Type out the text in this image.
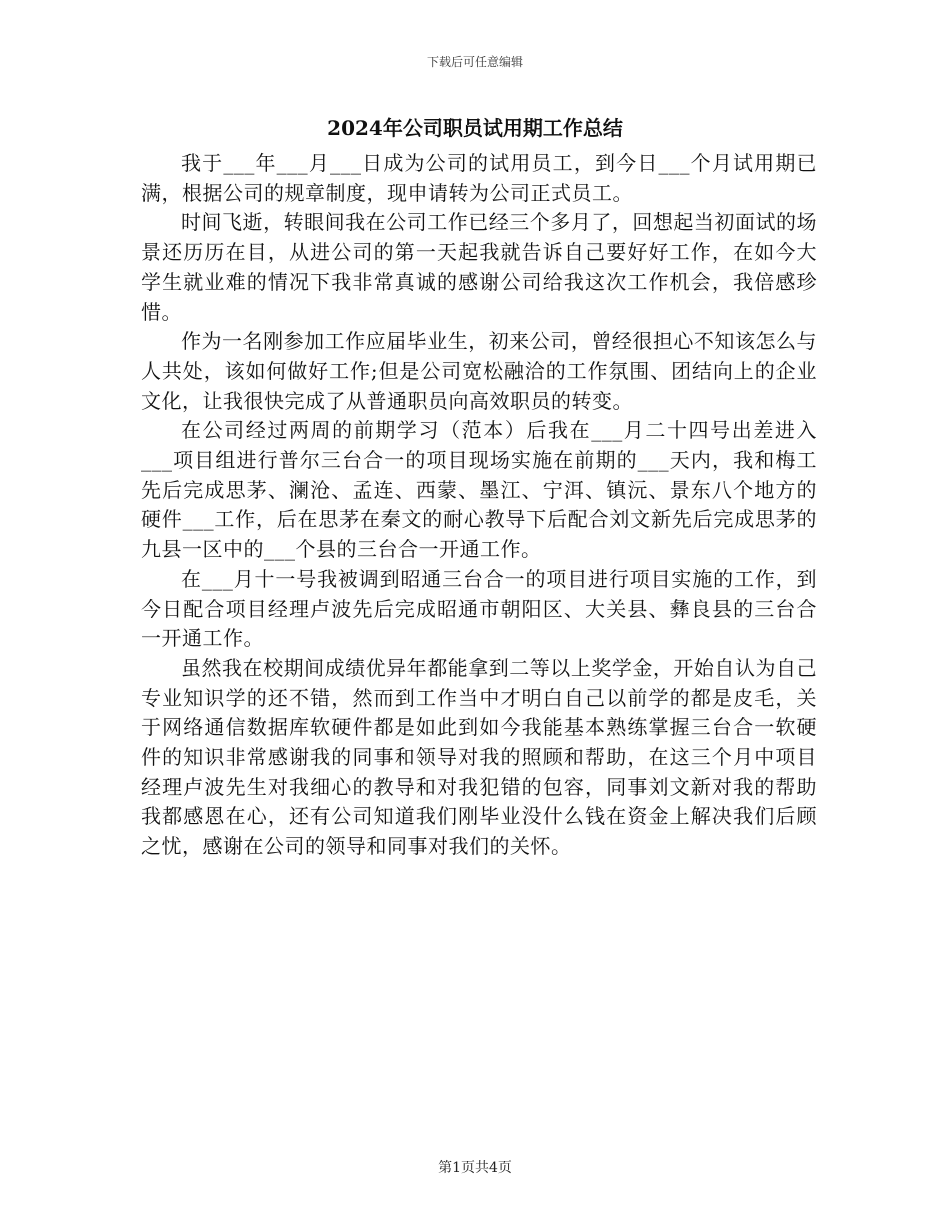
下载后可任意编辑
2024年公司职员试用期工作总结

我于___年___月___日成为公司的试用员工，到今日___个月试用期已满，根据公司的规章制度，现申请转为公司正式员工。

时间飞逝，转眼间我在公司工作已经三个多月了，回想起当初面试的场景还历历在目，从进公司的第一天起我就告诉自己要好好工作，在如今大学生就业难的情况下我非常真诚的感谢公司给我这次工作机会，我倍感珍惜。

作为一名刚参加工作应届毕业生，初来公司，曾经很担心不知该怎么与人共处，该如何做好工作;但是公司宽松融洽的工作氛围、团结向上的企业文化，让我很快完成了从普通职员向高效职员的转变。

在公司经过两周的前期学习（范本）后我在___月二十四号出差进入___项目组进行普尔三台合一的项目现场实施在前期的___天内，我和梅工先后完成思茅、澜沧、孟连、西蒙、墨江、宁洱、镇沅、景东八个地方的硬件___工作，后在思茅在秦文的耐心教导下后配合刘文新先后完成思茅的九县一区中的___个县的三台合一开通工作。

在___月十一号我被调到昭通三台合一的项目进行项目实施的工作，到今日配合项目经理卢波先后完成昭通市朝阳区、大关县、彝良县的三台合一开通工作。

虽然我在校期间成绩优异年都能拿到二等以上奖学金，开始自认为自己专业知识学的还不错，然而到工作当中才明白自己以前学的都是皮毛，关于网络通信数据库软硬件都是如此到如今我能基本熟练掌握三台合一软硬件的知识非常感谢我的同事和领导对我的照顾和帮助，在这三个月中项目经理卢波先生对我细心的教导和对我犯错的包容，同事刘文新对我的帮助我都感恩在心，还有公司知道我们刚毕业没什么钱在资金上解决我们后顾之忧，感谢在公司的领导和同事对我们的关怀。

第1页共4页
